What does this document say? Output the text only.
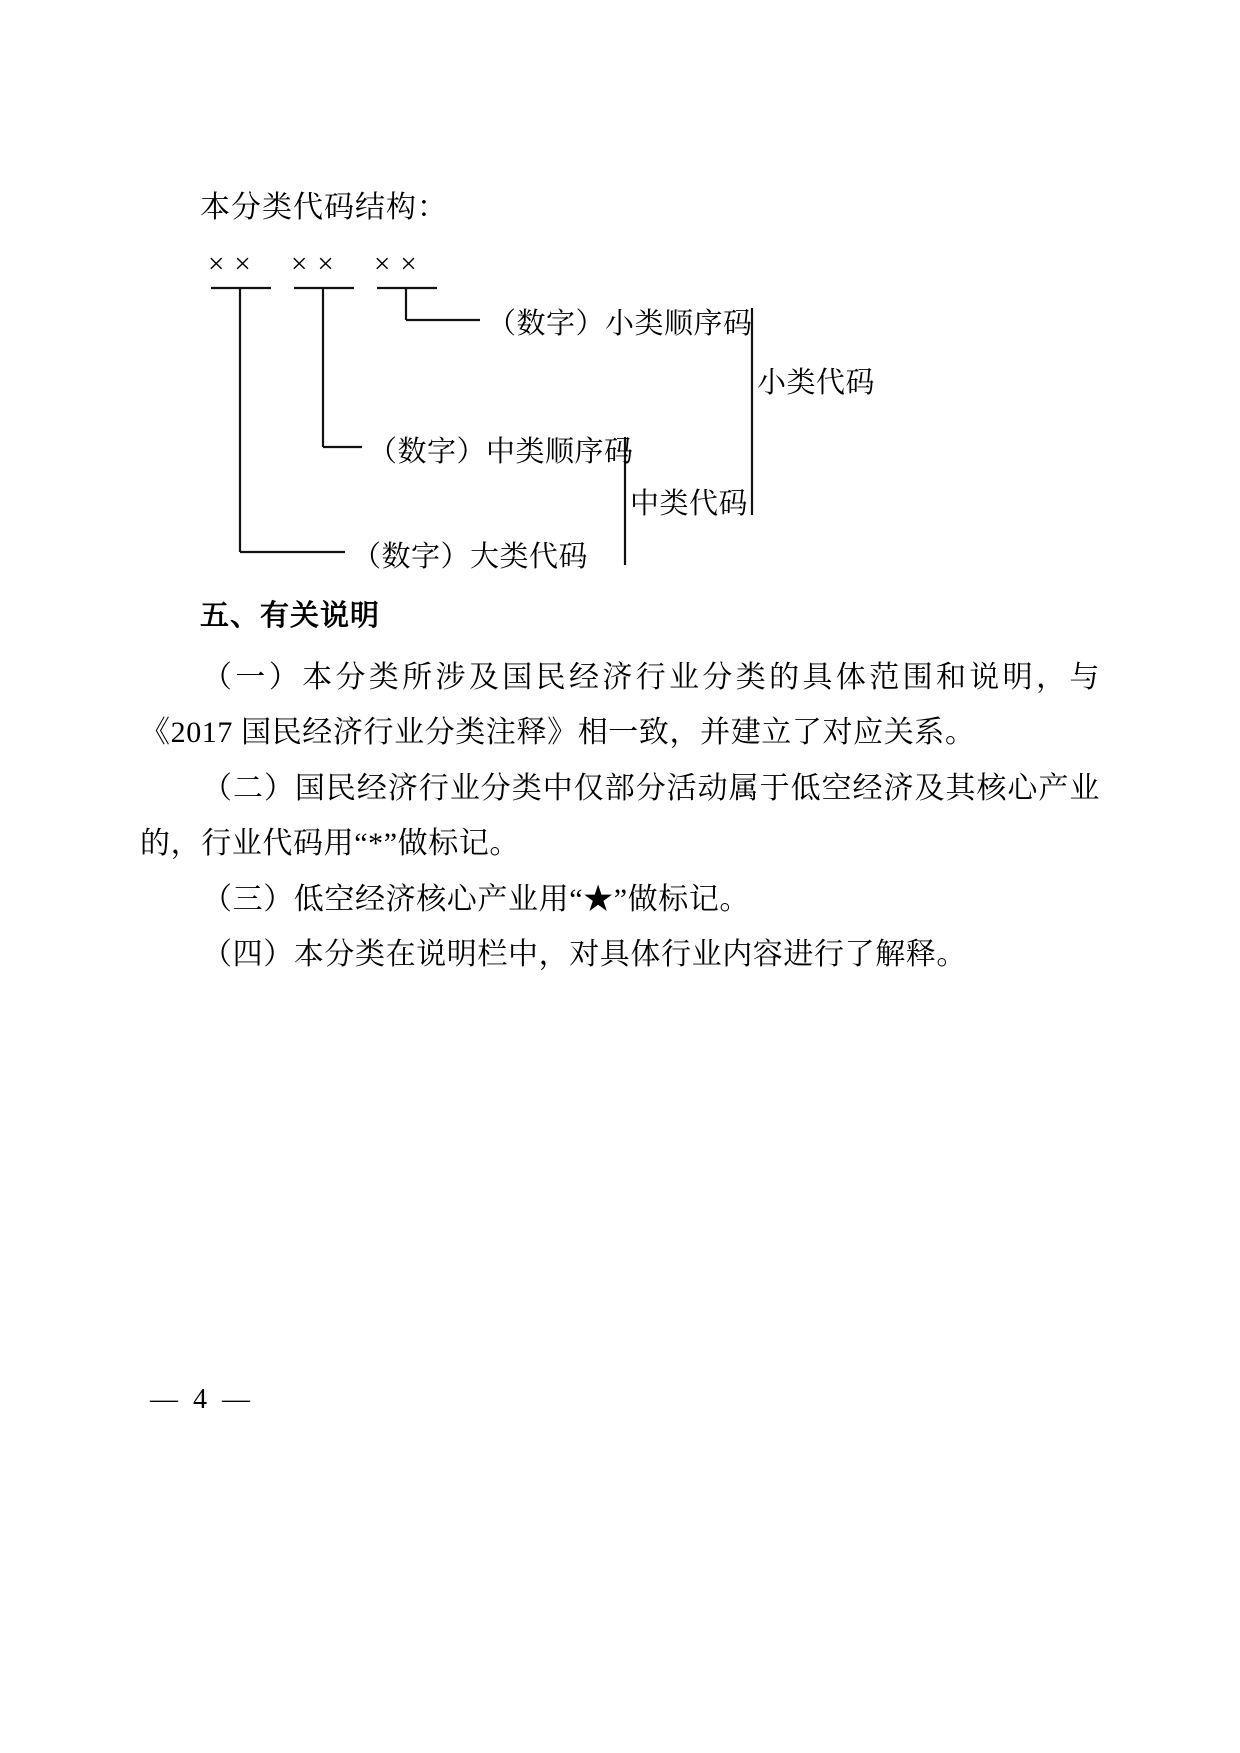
本分类代码结构：
×× ×× ××
（数字）小类顺序码
（数字）中类顺序码
（数字）大类代码
小类代码
中类代码
五、有关说明
（一）本分类所涉及国民经济行业分类的具体范围和说明，与《2017 国民经济行业分类注释》相一致，并建立了对应关系。
（二）国民经济行业分类中仅部分活动属于低空经济及其核心产业的，行业代码用“*”做标记。
（三）低空经济核心产业用“★”做标记。
（四）本分类在说明栏中，对具体行业内容进行了解释。
— 4 —
